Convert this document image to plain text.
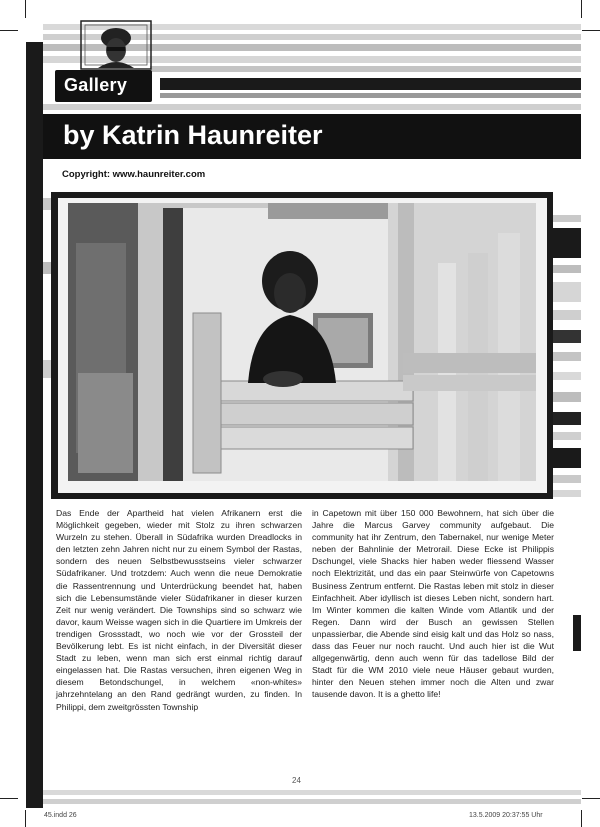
Gallery
by Katrin Haunreiter
Copyright: www.haunreiter.com

Das Ende der Apartheid hat vielen Afrikanern erst die Möglichkeit gegeben, wieder mit Stolz zu ihren schwarzen Wurzeln zu stehen. Überall in Südafrika wurden Dreadlocks in den letzten zehn Jahren nicht nur zu einem Symbol der Rastas, sondern des neuen Selbstbewusstseins vieler schwarzer Südafrikaner. Und trotzdem: Auch wenn die neue Demokratie die Rassentrennung und Unterdrückung beendet hat, haben sich die Lebensumstände vieler Südafrikaner in dieser kurzen Zeit nur wenig verändert. Die Townships sind so schwarz wie davor, kaum Weisse wagen sich in die Quartiere im Umkreis der trendigen Grossstadt, wo noch wie vor der Grossteil der Bevölkerung lebt. Es ist nicht einfach, in der Diversität dieser Stadt zu leben, wenn man sich erst einmal richtig darauf eingelassen hat. Die Rastas versuchen, ihren eigenen Weg in diesem Betondschungel, in welchem «non-whites» jahrzehntelang an den Rand gedrängt wurden, zu finden. In Philippi, dem zweitgrössten Township

in Capetown mit über 150 000 Bewohnern, hat sich über die Jahre die Marcus Garvey community aufgebaut. Die community hat ihr Zentrum, den Tabernakel, nur wenige Meter neben der Bahnlinie der Metrorail. Diese Ecke ist Philippis Dschungel, viele Shacks hier haben weder fliessend Wasser noch Elektrizität, und das ein paar Steinwürfe von Capetowns Business Zentrum entfernt. Die Rastas leben mit stolz in dieser Einfachheit. Aber idyllisch ist dieses Leben nicht, sondern hart. Im Winter kommen die kalten Winde vom Atlantik und der Regen. Dann wird der Busch an gewissen Stellen unpassierbar, die Abende sind eisig kalt und das Holz so nass, dass das Feuer nur noch raucht. Und auch hier ist die Wut allgegenwärtig, denn auch wenn für das tadellose Bild der Stadt für die WM 2010 viele neue Häuser gebaut wurden, hinter den Neuen stehen immer noch die Alten und zwar tausende davon. It is a ghetto life!

24
45.indd 26	13.5.2009 20:37:55 Uhr
